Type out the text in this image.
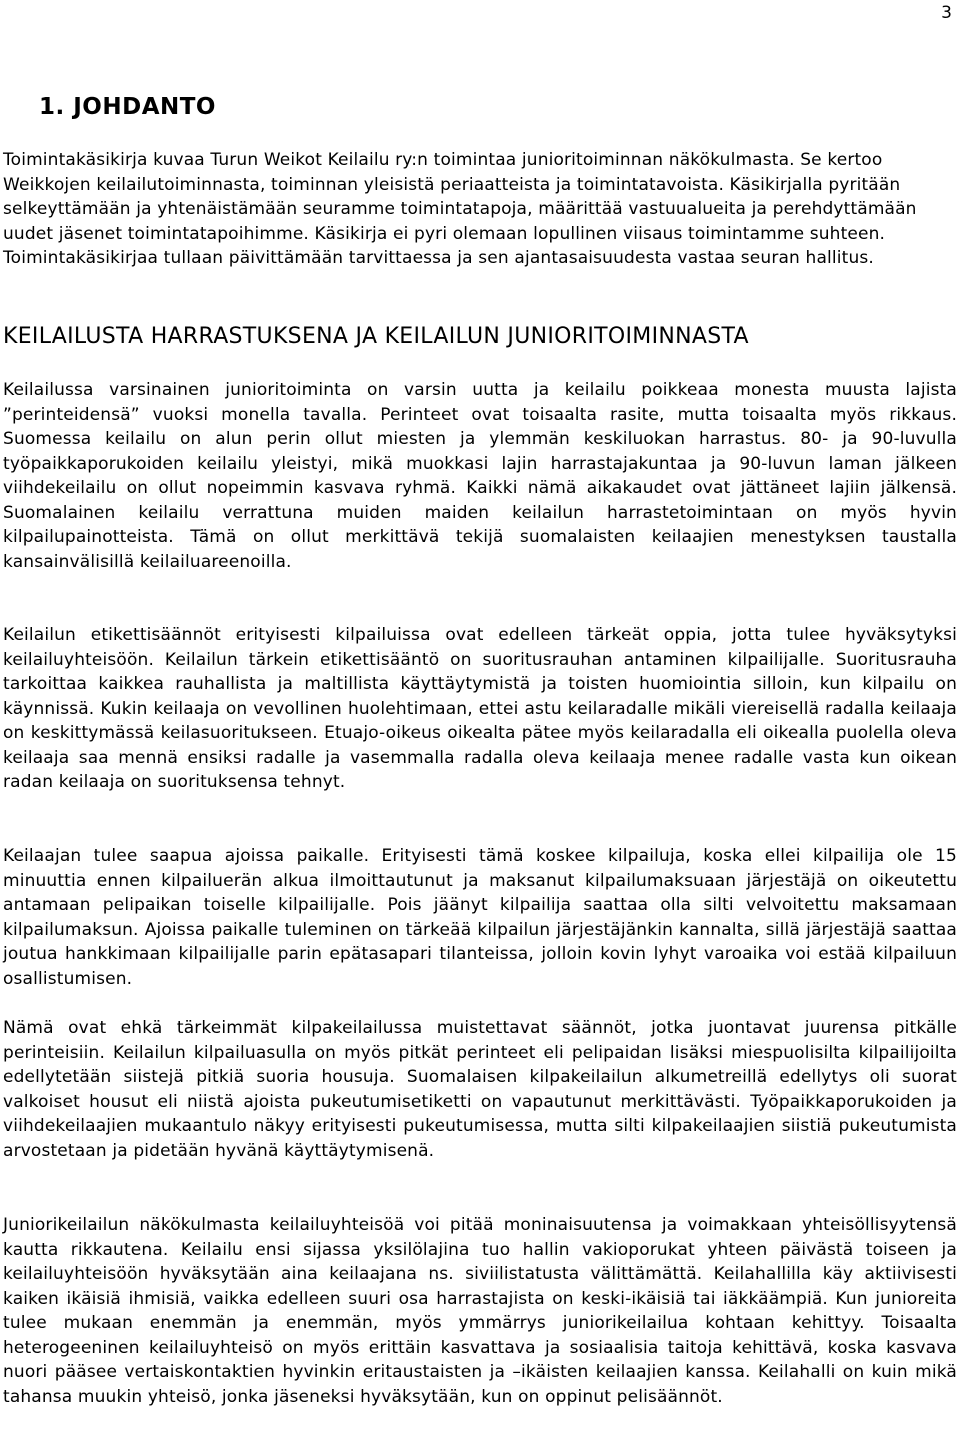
3
1. JOHDANTO

Toimintakäsikirja kuvaa Turun Weikot Keilailu ry:n toimintaa junioritoiminnan näkökulmasta. Se kertoo Weikkojen keilailutoiminnasta, toiminnan yleisistä periaatteista ja toimintatavoista. Käsikirjalla pyritään selkeyttämään ja yhtenäistämään seuramme toimintatapoja, määrittää vastuualueita ja perehdyttämään uudet jäsenet toimintatapoihimme. Käsikirja ei pyri olemaan lopullinen viisaus toimintamme suhteen. Toimintakäsikirjaa tullaan päivittämään tarvittaessa ja sen ajantasaisuudesta vastaa seuran hallitus.

KEILAILUSTA HARRASTUKSENA JA KEILAILUN JUNIORITOIMINNASTA

Keilailussa varsinainen junioritoiminta on varsin uutta ja keilailu poikkeaa monesta muusta lajista ”perinteidensä” vuoksi monella tavalla. Perinteet ovat toisaalta rasite, mutta toisaalta myös rikkaus. Suomessa keilailu on alun perin ollut miesten ja ylemmän keskiluokan harrastus. 80- ja 90-luvulla työpaikkaporukoiden keilailu yleistyi, mikä muokkasi lajin harrastajakuntaa ja 90-luvun laman jälkeen viihdekeilailu on ollut nopeimmin kasvava ryhmä. Kaikki nämä aikakaudet ovat jättäneet lajiin jälkensä. Suomalainen keilailu verrattuna muiden maiden keilailun harrastetoimintaan on myös hyvin kilpailupainotteista. Tämä on ollut merkittävä tekijä suomalaisten keilaajien menestyksen taustalla kansainvälisillä keilailuareenoilla.

Keilailun etikettisäännöt erityisesti kilpailuissa ovat edelleen tärkeät oppia, jotta tulee hyväksytyksi keilailuyhteisöön. Keilailun tärkein etikettisääntö on suoritusrauhan antaminen kilpailijalle. Suoritusrauha tarkoittaa kaikkea rauhallista ja maltillista käyttäytymistä ja toisten huomiointia silloin, kun kilpailu on käynnissä. Kukin keilaaja on vevollinen huolehtimaan, ettei astu keilaradalle mikäli viereisellä radalla keilaaja on keskittymässä keilasuoritukseen. Etuajo-oikeus oikealta pätee myös keilaradalla eli oikealla puolella oleva keilaaja saa mennä ensiksi radalle ja vasemmalla radalla oleva keilaaja menee radalle vasta kun oikean radan keilaaja on suorituksensa tehnyt.

Keilaajan tulee saapua ajoissa paikalle. Erityisesti tämä koskee kilpailuja, koska ellei kilpailija ole 15 minuuttia ennen kilpailuerän alkua ilmoittautunut ja maksanut kilpailumaksuaan järjestäjä on oikeutettu antamaan pelipaikan toiselle kilpailijalle. Pois jäänyt kilpailija saattaa olla silti velvoitettu maksamaan kilpailumaksun. Ajoissa paikalle tuleminen on tärkeää kilpailun järjestäjänkin kannalta, sillä järjestäjä saattaa joutua hankkimaan kilpailijalle parin epätasapari tilanteissa, jolloin kovin lyhyt varoaika voi estää kilpailuun osallistumisen.

Nämä ovat ehkä tärkeimmät kilpakeilailussa muistettavat säännöt, jotka juontavat juurensa pitkälle perinteisiin. Keilailun kilpailuasulla on myös pitkät perinteet eli pelipaidan lisäksi miespuolisilta kilpailijoilta edellytetään siistejä pitkiä suoria housuja. Suomalaisen kilpakeilailun alkumetreillä edellytys oli suorat valkoiset housut eli niistä ajoista pukeutumisetiketti on vapautunut merkittävästi. Työpaikkaporukoiden ja viihdekeilaajien mukaantulo näkyy erityisesti pukeutumisessa, mutta silti kilpakeilaajien siistiä pukeutumista arvostetaan ja pidetään hyvänä käyttäytymisenä.

Juniorikeilailun näkökulmasta keilailuyhteisöä voi pitää moninaisuutensa ja voimakkaan yhteisöllisyytensä kautta rikkautena. Keilailu ensi sijassa yksilölajina tuo hallin vakioporukat yhteen päivästä toiseen ja keilailuyhteisöön hyväksytään aina keilaajana ns. siviilistatusta välittämättä. Keilahallilla käy aktiivisesti kaiken ikäisiä ihmisiä, vaikka edelleen suuri osa harrastajista on keski-ikäisiä tai iäkkäämpiä. Kun junioreita tulee mukaan enemmän ja enemmän, myös ymmärrys juniorikeilailua kohtaan kehittyy. Toisaalta heterogeeninen keilailuyhteisö on myös erittäin kasvattava ja sosiaalisia taitoja kehittävä, koska kasvava nuori pääsee vertaiskontaktien hyvinkin eritaustaisten ja –ikäisten keilaajien kanssa. Keilahalli on kuin mikä tahansa muukin yhteisö, jonka jäseneksi hyväksytään, kun on oppinut pelisäännöt.
